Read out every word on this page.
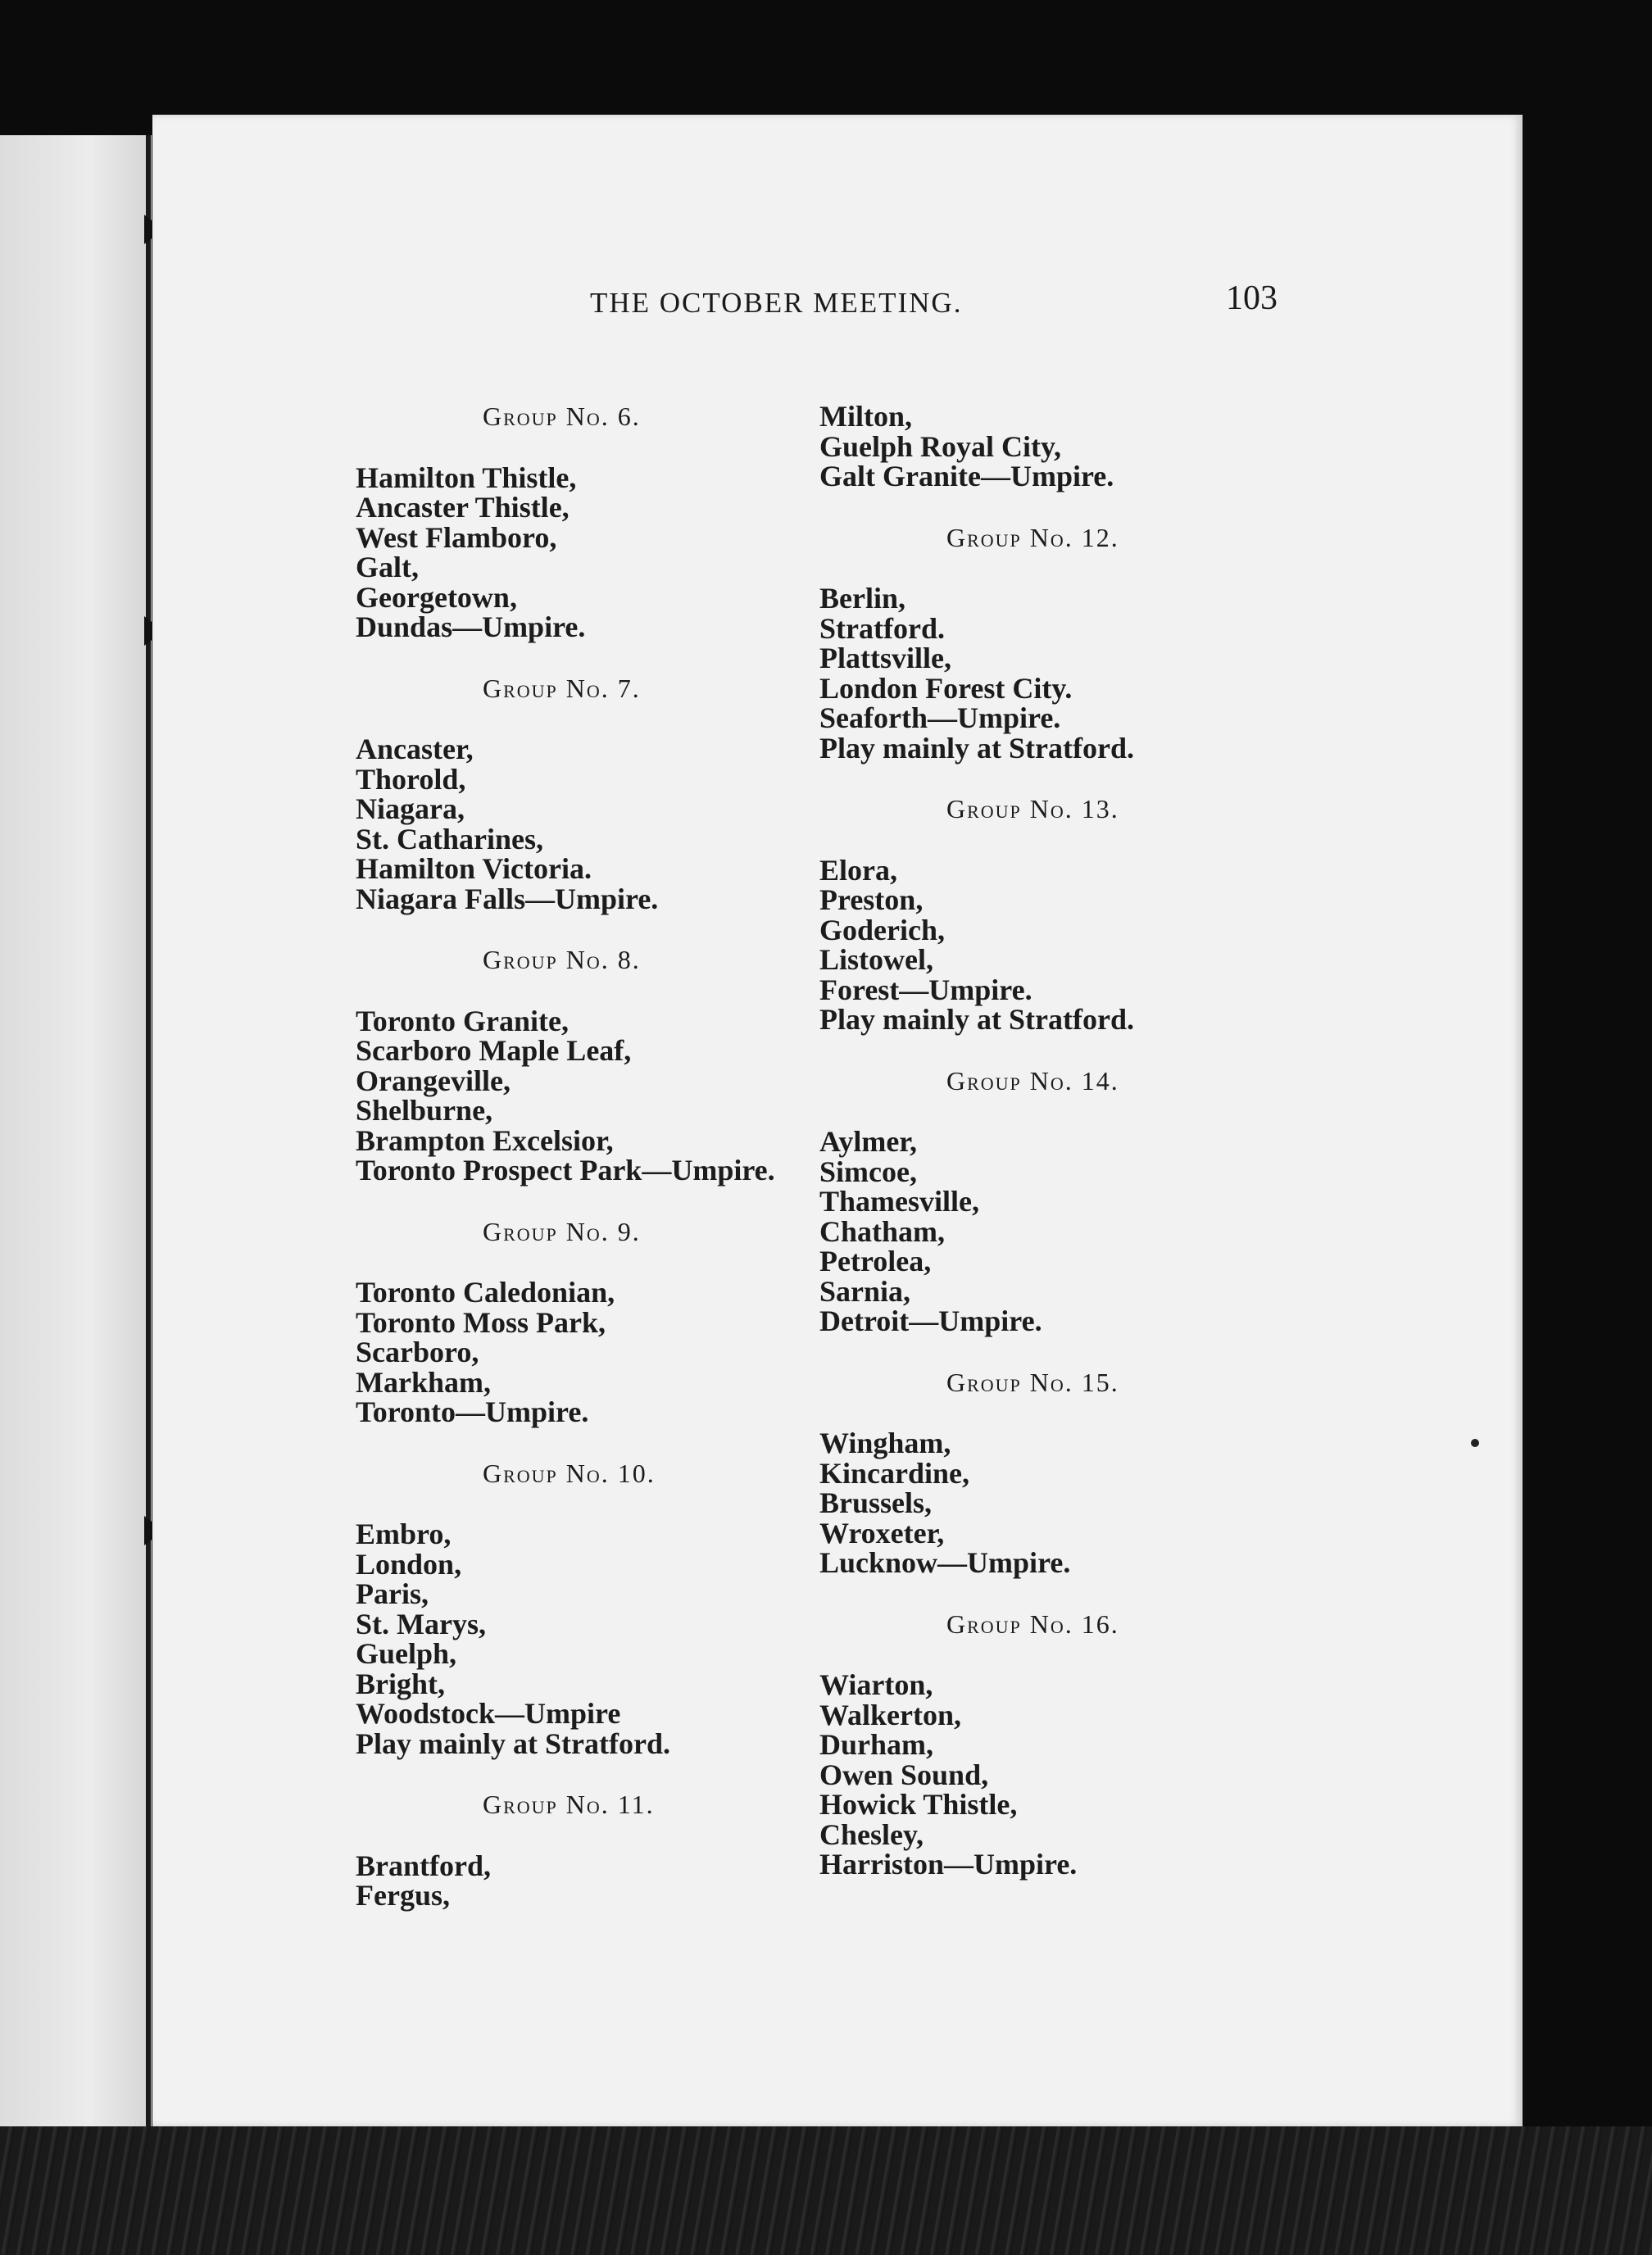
THE OCTOBER MEETING.	103
Group No. 6.
Hamilton Thistle,
Ancaster Thistle,
West Flamboro,
Galt,
Georgetown,
Dundas—Umpire.
Group No. 7.
Ancaster,
Thorold,
Niagara,
St. Catharines,
Hamilton Victoria.
Niagara Falls—Umpire.
Group No. 8.
Toronto Granite,
Scarboro Maple Leaf,
Orangeville,
Shelburne,
Brampton Excelsior,
Toronto Prospect Park—Umpire.
Group No. 9.
Toronto Caledonian,
Toronto Moss Park,
Scarboro,
Markham,
Toronto—Umpire.
Group No. 10.
Embro,
London,
Paris,
St. Marys,
Guelph,
Bright,
Woodstock—Umpire
Play mainly at Stratford.
Group No. 11.
Brantford,
Fergus,
Milton,
Guelph Royal City,
Galt Granite—Umpire.
Group No. 12.
Berlin,
Stratford.
Plattsville,
London Forest City.
Seaforth—Umpire.
Play mainly at Stratford.
Group No. 13.
Elora,
Preston,
Goderich,
Listowel,
Forest—Umpire.
Play mainly at Stratford.
Group No. 14.
Aylmer,
Simcoe,
Thamesville,
Chatham,
Petrolea,
Sarnia,
Detroit—Umpire.
Group No. 15.
Wingham,
Kincardine,
Brussels,
Wroxeter,
Lucknow—Umpire.
Group No. 16.
Wiarton,
Walkerton,
Durham,
Owen Sound,
Howick Thistle,
Chesley,
Harriston—Umpire.
